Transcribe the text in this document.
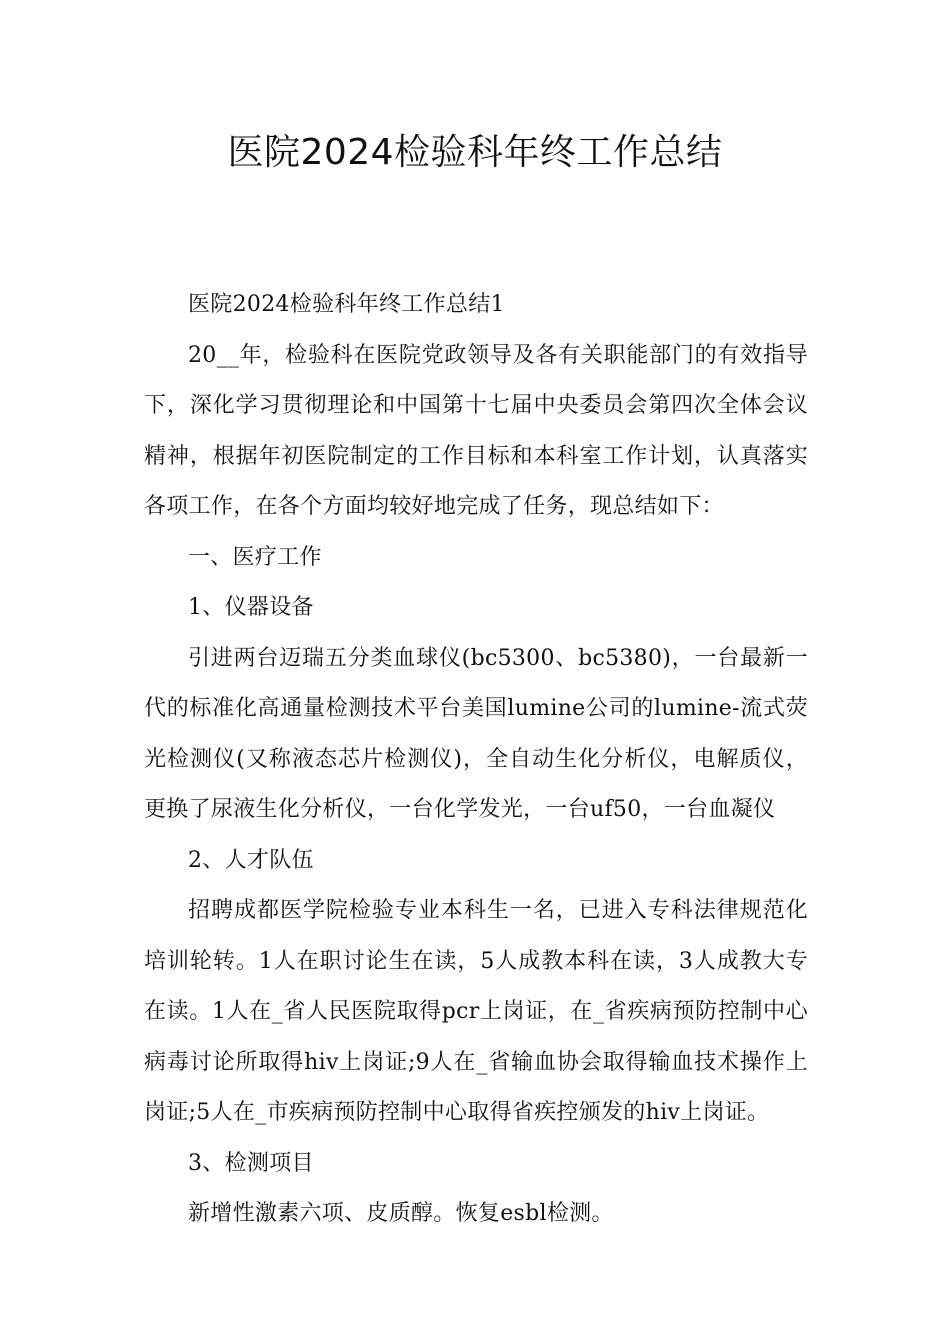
医院2024检验科年终工作总结

医院2024检验科年终工作总结1

20__年，检验科在医院党政领导及各有关职能部门的有效指导下，深化学习贯彻理论和中国第十七届中央委员会第四次全体会议精神，根据年初医院制定的工作目标和本科室工作计划，认真落实各项工作，在各个方面均较好地完成了任务，现总结如下：

一、医疗工作

1、仪器设备

引进两台迈瑞五分类血球仪(bc5300、bc5380)，一台最新一代的标准化高通量检测技术平台美国lumine公司的lumine-流式荧光检测仪(又称液态芯片检测仪)，全自动生化分析仪，电解质仪，更换了尿液生化分析仪，一台化学发光，一台uf50，一台血凝仪

2、人才队伍

招聘成都医学院检验专业本科生一名，已进入专科法律规范化培训轮转。1人在职讨论生在读，5人成教本科在读，3人成教大专在读。1人在_省人民医院取得pcr上岗证，在_省疾病预防控制中心病毒讨论所取得hiv上岗证;9人在_省输血协会取得输血技术操作上岗证;5人在_市疾病预防控制中心取得省疾控颁发的hiv上岗证。

3、检测项目

新增性激素六项、皮质醇。恢复esbl检测。
